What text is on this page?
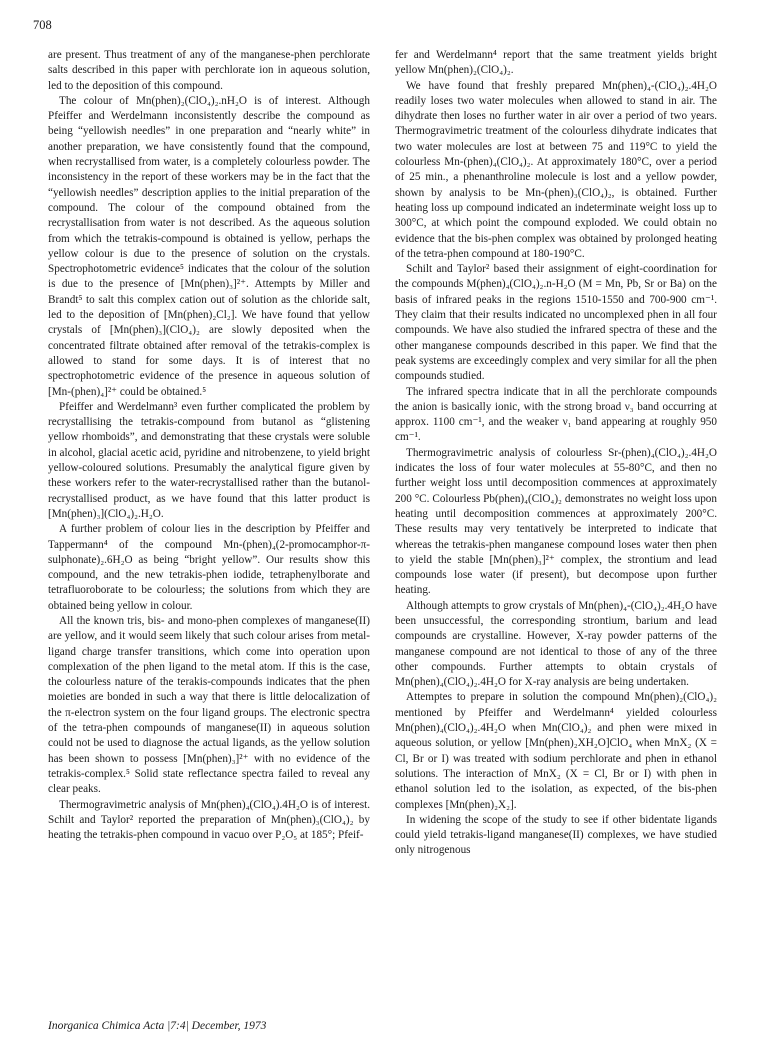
708

are present. Thus treatment of any of the manganese-phen perchlorate salts described in this paper with perchlorate ion in aqueous solution, led to the deposition of this compound.

The colour of Mn(phen)₂(ClO₄)₂.nH₂O is of interest. Although Pfeiffer and Werdelmann inconsistently describe the compound as being “yellowish needles” in one preparation and “nearly white” in another preparation, we have consistently found that the compound, when recrystallised from water, is a completely colourless powder. The inconsistency in the report of these workers may be in the fact that the “yellowish needles” description applies to the initial preparation of the compound. The colour of the compound obtained from the recrystallisation from water is not described. As the aqueous solution from which the tetrakis-compound is obtained is yellow, perhaps the yellow colour is due to the presence of solution on the crystals. Spectrophotometric evidence⁵ indicates that the colour of the solution is due to the presence of [Mn(phen)₃]²⁺. Attempts by Miller and Brandt⁵ to salt this complex cation out of solution as the chloride salt, led to the deposition of [Mn(phen)₂Cl₂]. We have found that yellow crystals of [Mn(phen)₃](ClO₄)₂ are slowly deposited when the concentrated filtrate obtained after removal of the tetrakis-complex is allowed to stand for some days. It is of interest that no spectrophotometric evidence of the presence in aqueous solution of [Mn-(phen)₄]²⁺ could be obtained.⁵

Pfeiffer and Werdelmann³ even further complicated the problem by recrystallising the tetrakis-compound from butanol as “glistening yellow rhomboids”, and demonstrating that these crystals were soluble in alcohol, glacial acetic acid, pyridine and nitrobenzene, to yield bright yellow-coloured solutions. Presumably the analytical figure given by these workers refer to the water-recrystallised rather than the butanol-recrystallised product, as we have found that this latter product is [Mn(phen)₃](ClO₄)₂.H₂O.

A further problem of colour lies in the description by Pfeiffer and Tappermann⁴ of the compound Mn-(phen)₄(2-promocamphor-π-sulphonate)₂.6H₂O as being “bright yellow”. Our results show this compound, and the new tetrakis-phen iodide, tetraphenylborate and tetrafluoroborate to be colourless; the solutions from which they are obtained being yellow in colour.

All the known tris, bis- and mono-phen complexes of manganese(II) are yellow, and it would seem likely that such colour arises from metal-ligand charge transfer transitions, which come into operation upon complexation of the phen ligand to the metal atom. If this is the case, the colourless nature of the terakis-compounds indicates that the phen moieties are bonded in such a way that there is little delocalization of the π-electron system on the four ligand groups. The electronic spectra of the tetra-phen compounds of manganese(II) in aqueous solution could not be used to diagnose the actual ligands, as the yellow solution has been shown to possess [Mn(phen)₃]²⁺ with no evidence of the tetrakis-complex.⁵ Solid state reflectance spectra failed to reveal any clear peaks.

Thermogravimetric analysis of Mn(phen)₄(ClO₄).4H₂O is of interest. Schilt and Taylor² reported the preparation of Mn(phen)₃(ClO₄)₂ by heating the tetrakis-phen compound in vacuo over P₂O₅ at 185°; Pfeif-

fer and Werdelmann⁴ report that the same treatment yields bright yellow Mn(phen)₂(ClO₄)₂.

We have found that freshly prepared Mn(phen)₄-(ClO₄)₂.4H₂O readily loses two water molecules when allowed to stand in air. The dihydrate then loses no further water in air over a period of two years. Thermogravimetric treatment of the colourless dihydrate indicates that two water molecules are lost at between 75 and 119°C to yield the colourless Mn-(phen)₄(ClO₄)₂. At approximately 180°C, over a period of 25 min., a phenanthroline molecule is lost and a yellow powder, shown by analysis to be Mn-(phen)₃(ClO₄)₂, is obtained. Further heating loss up compound indicated an indeterminate weight loss up to 300°C, at which point the compound exploded. We could obtain no evidence that the bis-phen complex was obtained by prolonged heating of the tetra-phen compound at 180-190°C.

Schilt and Taylor² based their assignment of eight-coordination for the compounds M(phen)₄(ClO₄)₂.n-H₂O (M = Mn, Pb, Sr or Ba) on the basis of infrared peaks in the regions 1510-1550 and 700-900 cm⁻¹. They claim that their results indicated no uncomplexed phen in all four compounds. We have also studied the infrared spectra of these and the other manganese compounds described in this paper. We find that the peak systems are exceedingly complex and very similar for all the phen compounds studied.

The infrared spectra indicate that in all the perchlorate compounds the anion is basically ionic, with the strong broad ν₃ band occurring at approx. 1100 cm⁻¹, and the weaker ν₁ band appearing at roughly 950 cm⁻¹.

Thermogravimetric analysis of colourless Sr-(phen)₄(ClO₄)₂.4H₂O indicates the loss of four water molecules at 55-80°C, and then no further weight loss until decomposition commences at approximately 200 °C. Colourless Pb(phen)₄(ClO₄)₂ demonstrates no weight loss upon heating until decomposition commences at approximately 200°C. These results may very tentatively be interpreted to indicate that whereas the tetrakis-phen manganese compound loses water then phen to yield the stable [Mn(phen)₃]²⁺ complex, the strontium and lead compounds lose water (if present), but decompose upon further heating.

Although attempts to grow crystals of Mn(phen)₄-(ClO₄)₂.4H₂O have been unsuccessful, the corresponding strontium, barium and lead compounds are crystalline. However, X-ray powder patterns of the manganese compound are not identical to those of any of the three other compounds. Further attempts to obtain crystals of Mn(phen)₄(ClO₄)₂.4H₂O for X-ray analysis are being undertaken.

Attemptes to prepare in solution the compound Mn(phen)₂(ClO₄)₂ mentioned by Pfeiffer and Werdelmann⁴ yielded colourless Mn(phen)₄(ClO₄)₂.4H₂O when Mn(ClO₄)₂ and phen were mixed in aqueous solution, or yellow [Mn(phen)₂XH₂O]ClO₄ when MnX₂ (X = Cl, Br or I) was treated with sodium perchlorate and phen in ethanol solutions. The interaction of MnX₂ (X = Cl, Br or I) with phen in ethanol solution led to the isolation, as expected, of the bis-phen complexes [Mn(phen)₂X₂].

In widening the scope of the study to see if other bidentate ligands could yield tetrakis-ligand manganese(II) complexes, we have studied only nitrogenous

Inorganica Chimica Acta |7:4| December, 1973
